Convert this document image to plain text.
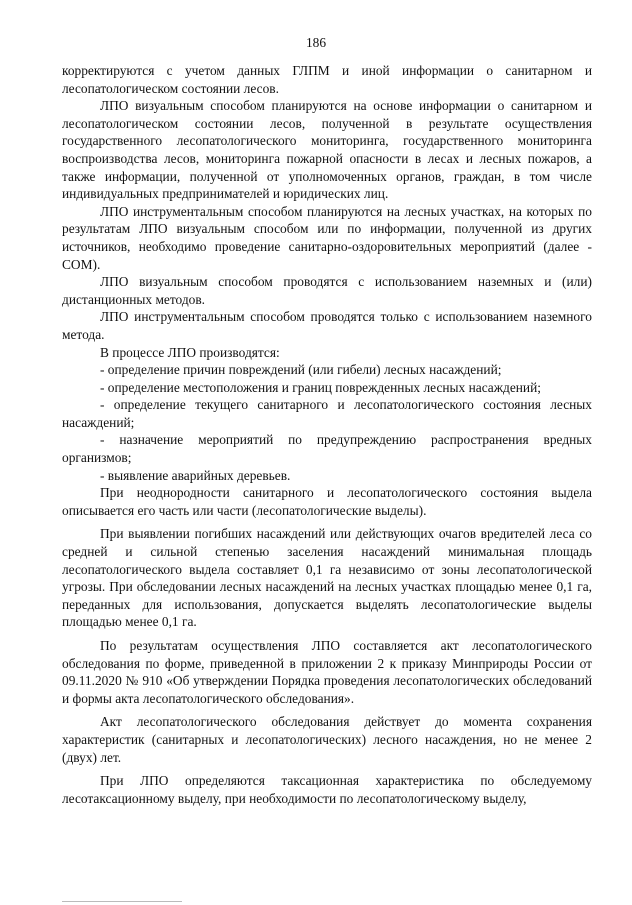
186

корректируются с учетом данных ГЛПМ и иной информации о санитарном и лесопатологическом состоянии лесов.

ЛПО визуальным способом планируются на основе информации о санитарном и лесопатологическом состоянии лесов, полученной в результате осуществления государственного лесопатологического мониторинга, государственного мониторинга воспроизводства лесов, мониторинга пожарной опасности в лесах и лесных пожаров, а также информации, полученной от уполномоченных органов, граждан, в том числе индивидуальных предпринимателей и юридических лиц.

ЛПО инструментальным способом планируются на лесных участках, на которых по результатам ЛПО визуальным способом или по информации, полученной из других источников, необходимо проведение санитарно-оздоровительных мероприятий (далее - СОМ).

ЛПО визуальным способом проводятся с использованием наземных и (или) дистанционных методов.

ЛПО инструментальным способом проводятся только с использованием наземного метода.

В процессе ЛПО производятся:

- определение причин повреждений (или гибели) лесных насаждений;

- определение местоположения и границ поврежденных лесных насаждений;

- определение текущего санитарного и лесопатологического состояния лесных насаждений;

- назначение мероприятий по предупреждению распространения вредных организмов;

- выявление аварийных деревьев.

При неоднородности санитарного и лесопатологического состояния выдела описывается его часть или части (лесопатологические выделы).

При выявлении погибших насаждений или действующих очагов вредителей леса со средней и сильной степенью заселения насаждений минимальная площадь лесопатологического выдела составляет 0,1 га независимо от зоны лесопатологической угрозы. При обследовании лесных насаждений на лесных участках площадью менее 0,1 га, переданных для использования, допускается выделять лесопатологические выделы площадью менее 0,1 га.

По результатам осуществления ЛПО составляется акт лесопатологического обследования по форме, приведенной в приложении 2 к приказу Минприроды России от 09.11.2020 № 910 «Об утверждении Порядка проведения лесопатологических обследований и формы акта лесопатологического обследования».

Акт лесопатологического обследования действует до момента сохранения характеристик (санитарных и лесопатологических) лесного насаждения, но не менее 2 (двух) лет.

При ЛПО определяются таксационная характеристика по обследуемому лесотаксационному выделу, при необходимости по лесопатологическому выделу,
